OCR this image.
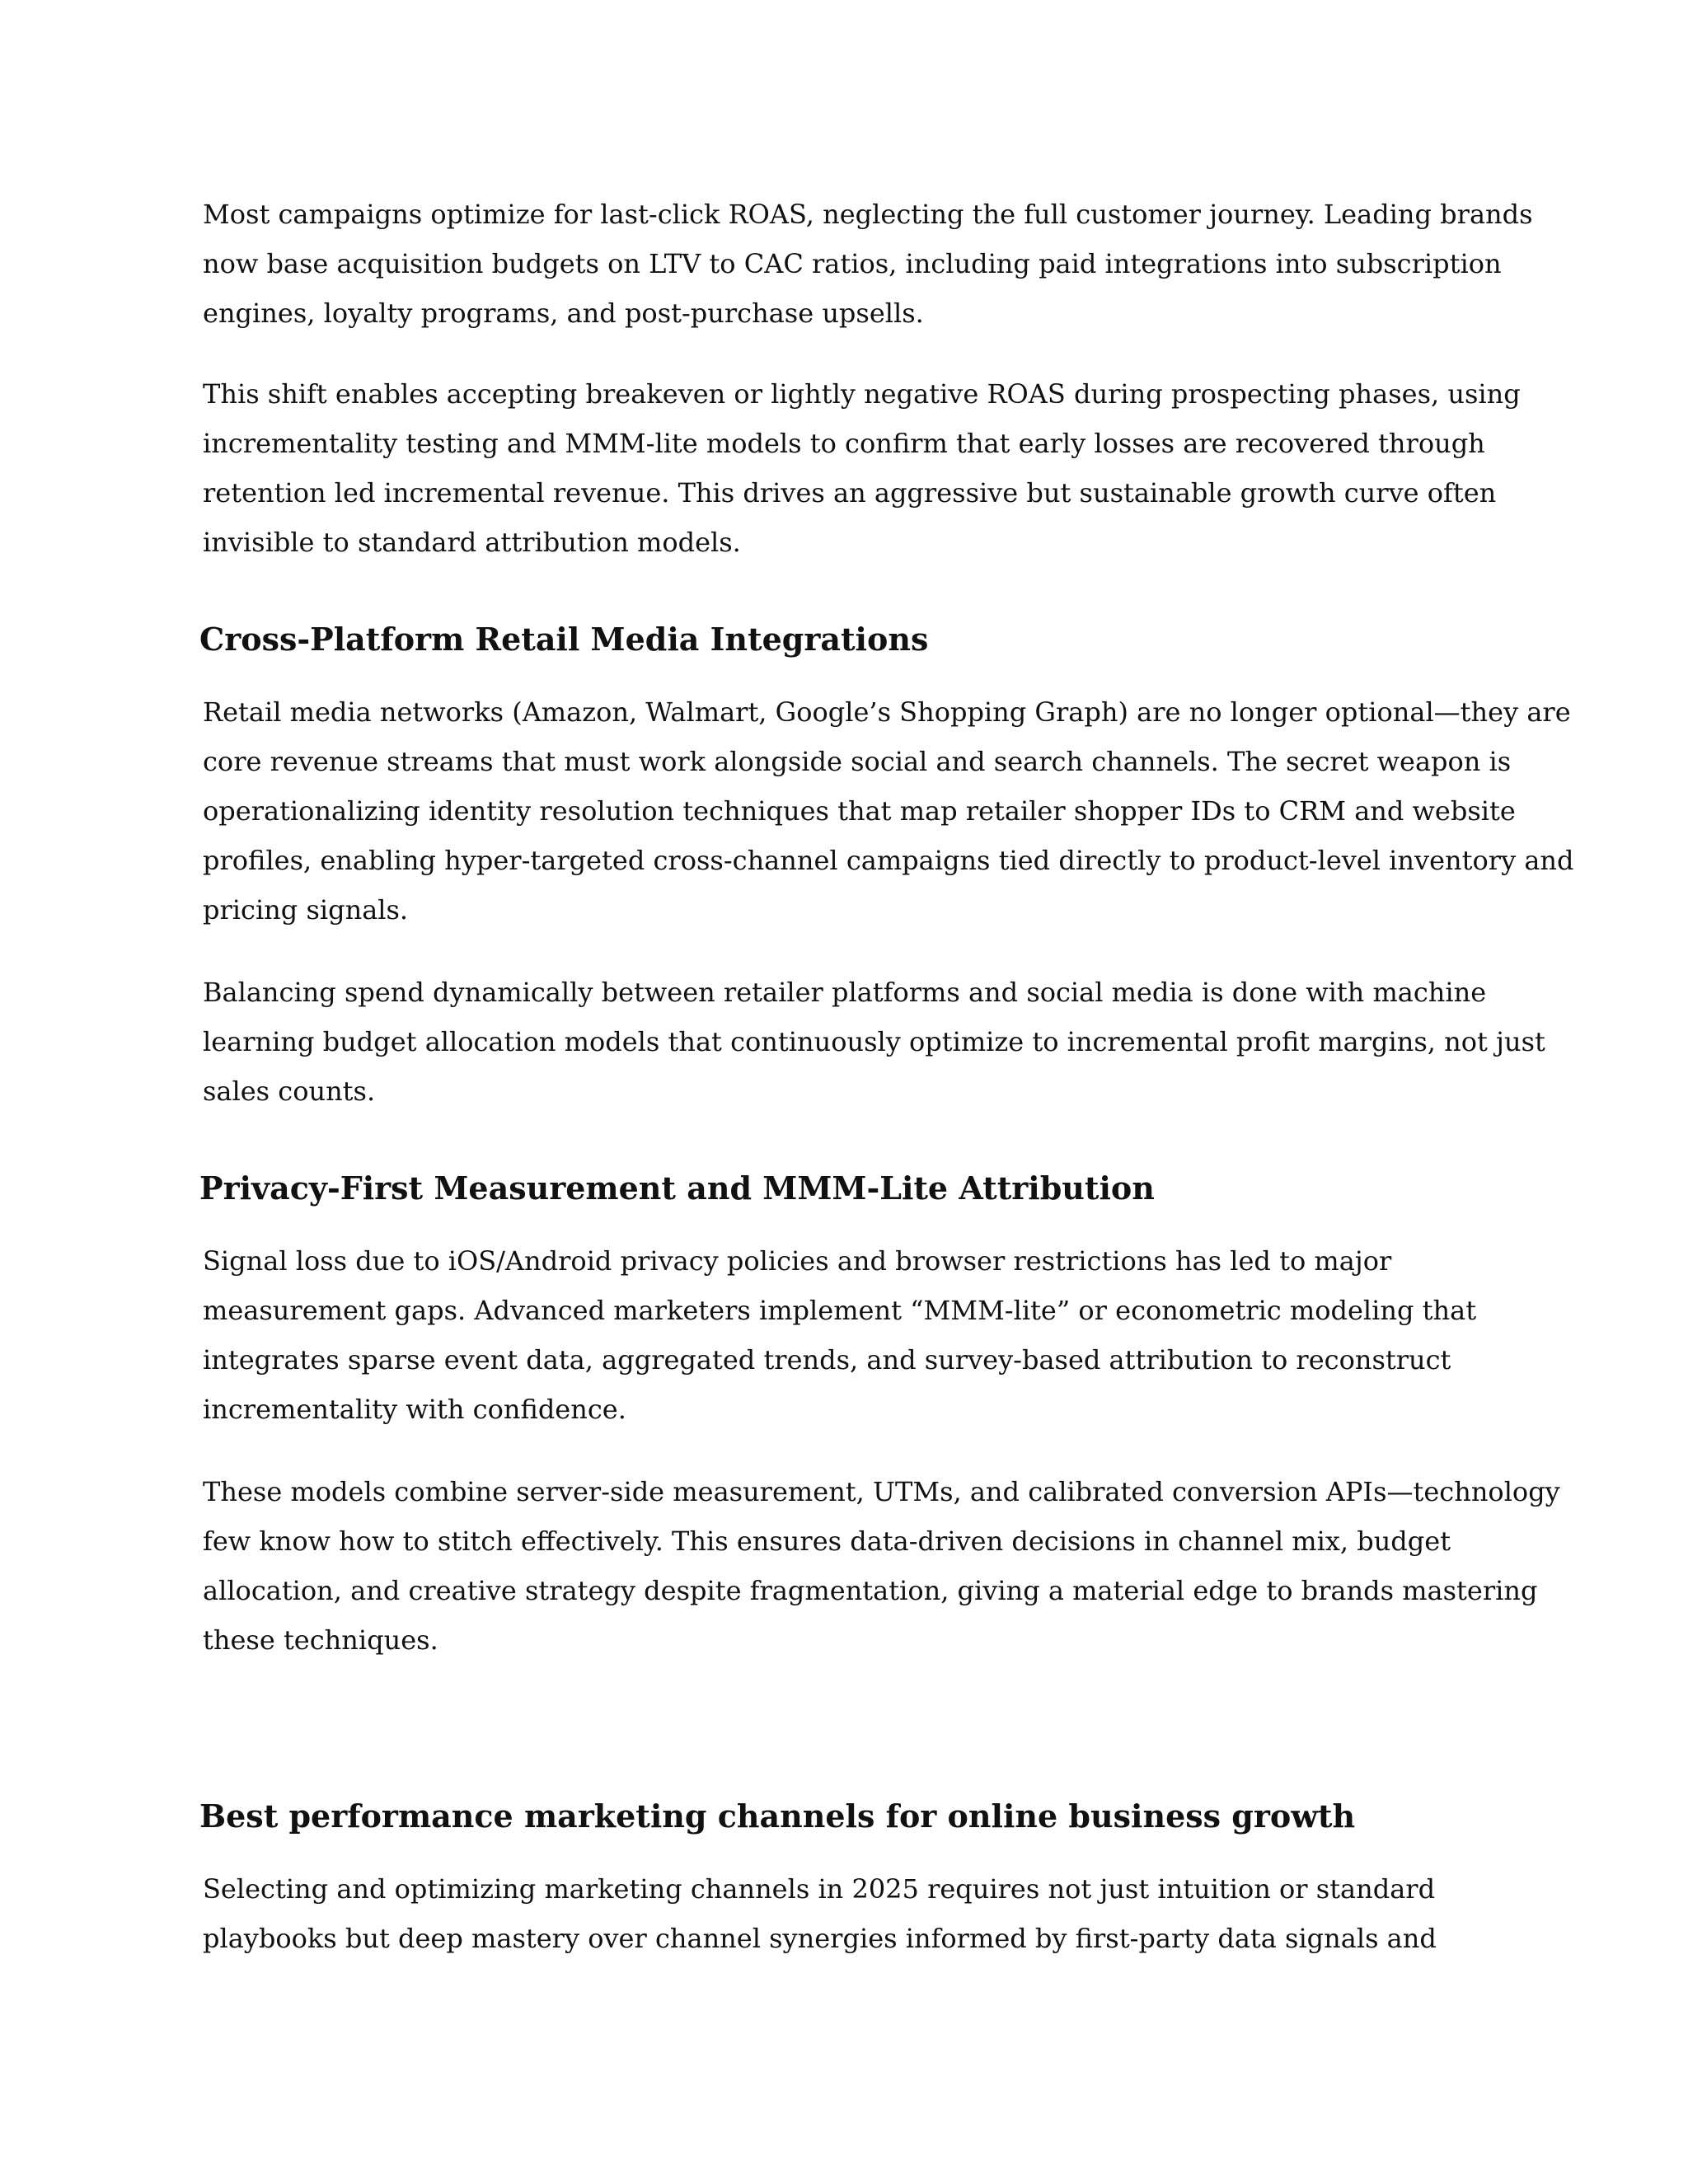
Most campaigns optimize for last-click ROAS, neglecting the full customer journey. Leading brands
now base acquisition budgets on LTV to CAC ratios, including paid integrations into subscription
engines, loyalty programs, and post-purchase upsells.

This shift enables accepting breakeven or lightly negative ROAS during prospecting phases, using
incrementality testing and MMM-lite models to confirm that early losses are recovered through
retention led incremental revenue. This drives an aggressive but sustainable growth curve often
invisible to standard attribution models.

Cross-Platform Retail Media Integrations

Retail media networks (Amazon, Walmart, Google’s Shopping Graph) are no longer optional—they are
core revenue streams that must work alongside social and search channels. The secret weapon is
operationalizing identity resolution techniques that map retailer shopper IDs to CRM and website
profiles, enabling hyper-targeted cross-channel campaigns tied directly to product-level inventory and
pricing signals.

Balancing spend dynamically between retailer platforms and social media is done with machine
learning budget allocation models that continuously optimize to incremental profit margins, not just
sales counts.

Privacy-First Measurement and MMM-Lite Attribution

Signal loss due to iOS/Android privacy policies and browser restrictions has led to major
measurement gaps. Advanced marketers implement “MMM-lite” or econometric modeling that
integrates sparse event data, aggregated trends, and survey-based attribution to reconstruct
incrementality with confidence.

These models combine server-side measurement, UTMs, and calibrated conversion APIs—technology
few know how to stitch effectively. This ensures data-driven decisions in channel mix, budget
allocation, and creative strategy despite fragmentation, giving a material edge to brands mastering
these techniques.

Best performance marketing channels for online business growth

Selecting and optimizing marketing channels in 2025 requires not just intuition or standard
playbooks but deep mastery over channel synergies informed by first-party data signals and
